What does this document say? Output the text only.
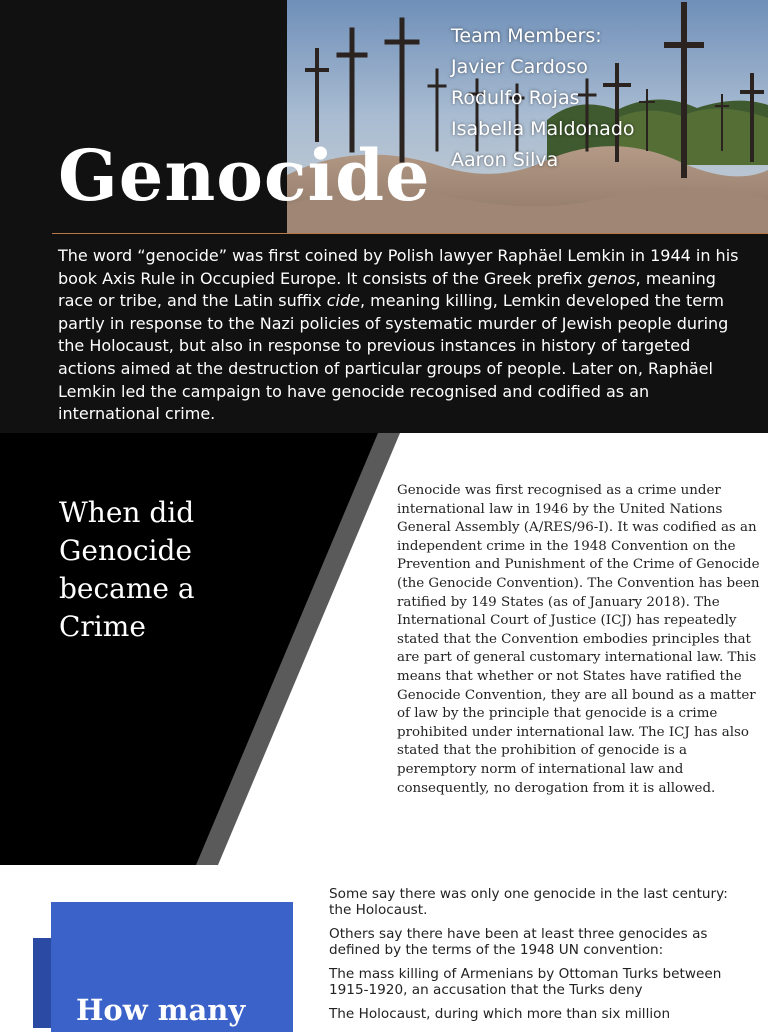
Team Members:
Javier Cardoso
Rodulfo Rojas
Isabella Maldonado
Aaron Silva
Genocide

The word “genocide” was first coined by Polish lawyer Raphäel Lemkin in 1944 in his book Axis Rule in Occupied Europe. It consists of the Greek prefix genos, meaning race or tribe, and the Latin suffix cide, meaning killing, Lemkin developed the term partly in response to the Nazi policies of systematic murder of Jewish people during the Holocaust, but also in response to previous instances in history of targeted actions aimed at the destruction of particular groups of people. Later on, Raphäel Lemkin led the campaign to have genocide recognised and codified as an international crime.

When did Genocide became a Crime

Genocide was first recognised as a crime under international law in 1946 by the United Nations General Assembly (A/RES/96-I). It was codified as an independent crime in the 1948 Convention on the Prevention and Punishment of the Crime of Genocide (the Genocide Convention). The Convention has been ratified by 149 States (as of January 2018). The International Court of Justice (ICJ) has repeatedly stated that the Convention embodies principles that are part of general customary international law. This means that whether or not States have ratified the Genocide Convention, they are all bound as a matter of law by the principle that genocide is a crime prohibited under international law. The ICJ has also stated that the prohibition of genocide is a peremptory norm of international law and consequently, no derogation from it is allowed.

How many

Some say there was only one genocide in the last century: the Holocaust.

Others say there have been at least three genocides as defined by the terms of the 1948 UN convention:

The mass killing of Armenians by Ottoman Turks between 1915-1920, an accusation that the Turks deny

The Holocaust, during which more than six million
